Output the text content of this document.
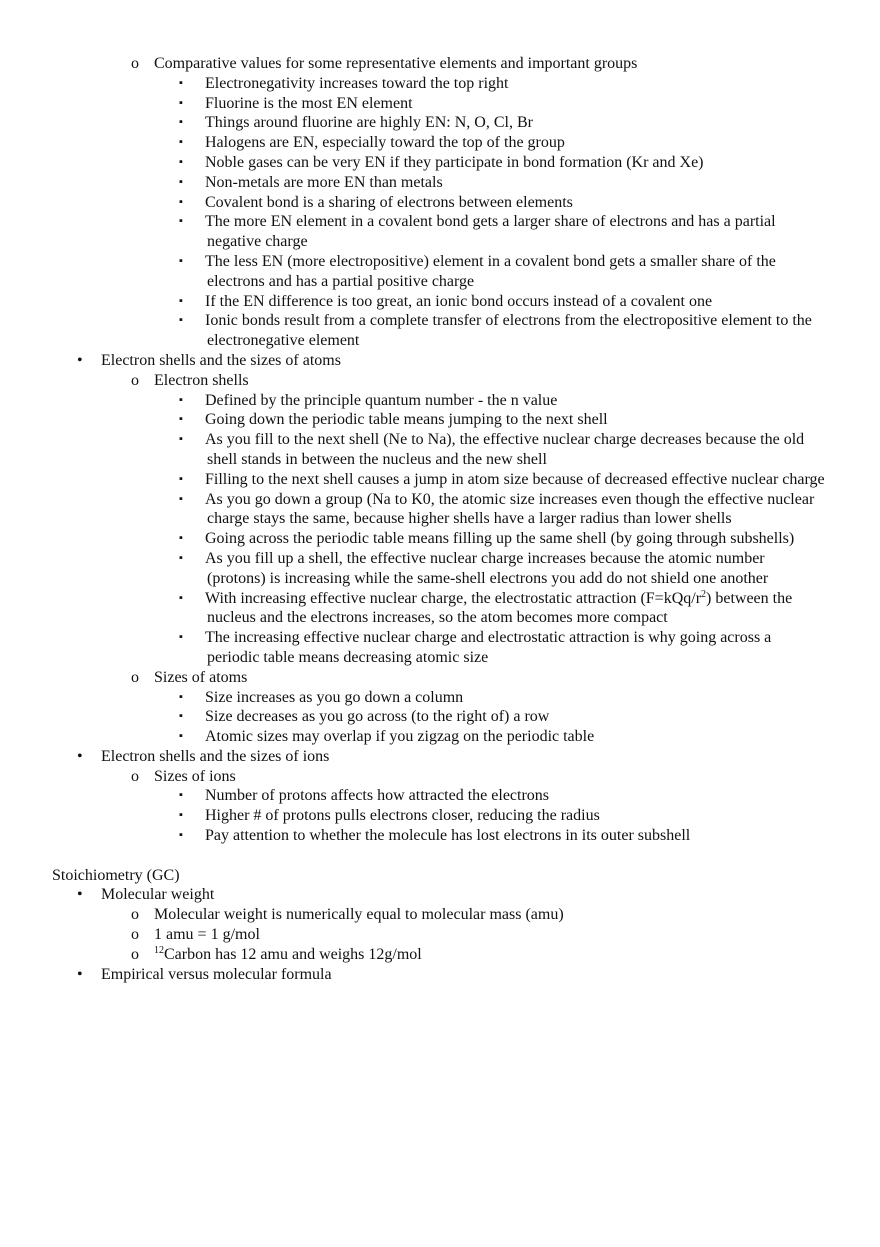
o Comparative values for some representative elements and important groups
▪ Electronegativity increases toward the top right
▪ Fluorine is the most EN element
▪ Things around fluorine are highly EN: N, O, Cl, Br
▪ Halogens are EN, especially toward the top of the group
▪ Noble gases can be very EN if they participate in bond formation (Kr and Xe)
▪ Non-metals are more EN than metals
▪ Covalent bond is a sharing of electrons between elements
▪ The more EN element in a covalent bond gets a larger share of electrons and has a partial negative charge
▪ The less EN (more electropositive) element in a covalent bond gets a smaller share of the electrons and has a partial positive charge
▪ If the EN difference is too great, an ionic bond occurs instead of a covalent one
▪ Ionic bonds result from a complete transfer of electrons from the electropositive element to the electronegative element
• Electron shells and the sizes of atoms
o Electron shells
▪ Defined by the principle quantum number - the n value
▪ Going down the periodic table means jumping to the next shell
▪ As you fill to the next shell (Ne to Na), the effective nuclear charge decreases because the old shell stands in between the nucleus and the new shell
▪ Filling to the next shell causes a jump in atom size because of decreased effective nuclear charge
▪ As you go down a group (Na to K0, the atomic size increases even though the effective nuclear charge stays the same, because higher shells have a larger radius than lower shells
▪ Going across the periodic table means filling up the same shell (by going through subshells)
▪ As you fill up a shell, the effective nuclear charge increases because the atomic number (protons) is increasing while the same-shell electrons you add do not shield one another
▪ With increasing effective nuclear charge, the electrostatic attraction $(F=kQq/r^2)$ between the nucleus and the electrons increases, so the atom becomes more compact
▪ The increasing effective nuclear charge and electrostatic attraction is why going across a periodic table means decreasing atomic size
o Sizes of atoms
▪ Size increases as you go down a column
▪ Size decreases as you go across (to the right of) a row
▪ Atomic sizes may overlap if you zigzag on the periodic table
• Electron shells and the sizes of ions
o Sizes of ions
▪ Number of protons affects how attracted the electrons
▪ Higher # of protons pulls electrons closer, reducing the radius
▪ Pay attention to whether the molecule has lost electrons in its outer subshell
Stoichiometry (GC)
• Molecular weight
o Molecular weight is numerically equal to molecular mass (amu)
o 1 amu = 1 g/mol
o $^{12}$Carbon has 12 amu and weighs 12g/mol
• Empirical versus molecular formula
